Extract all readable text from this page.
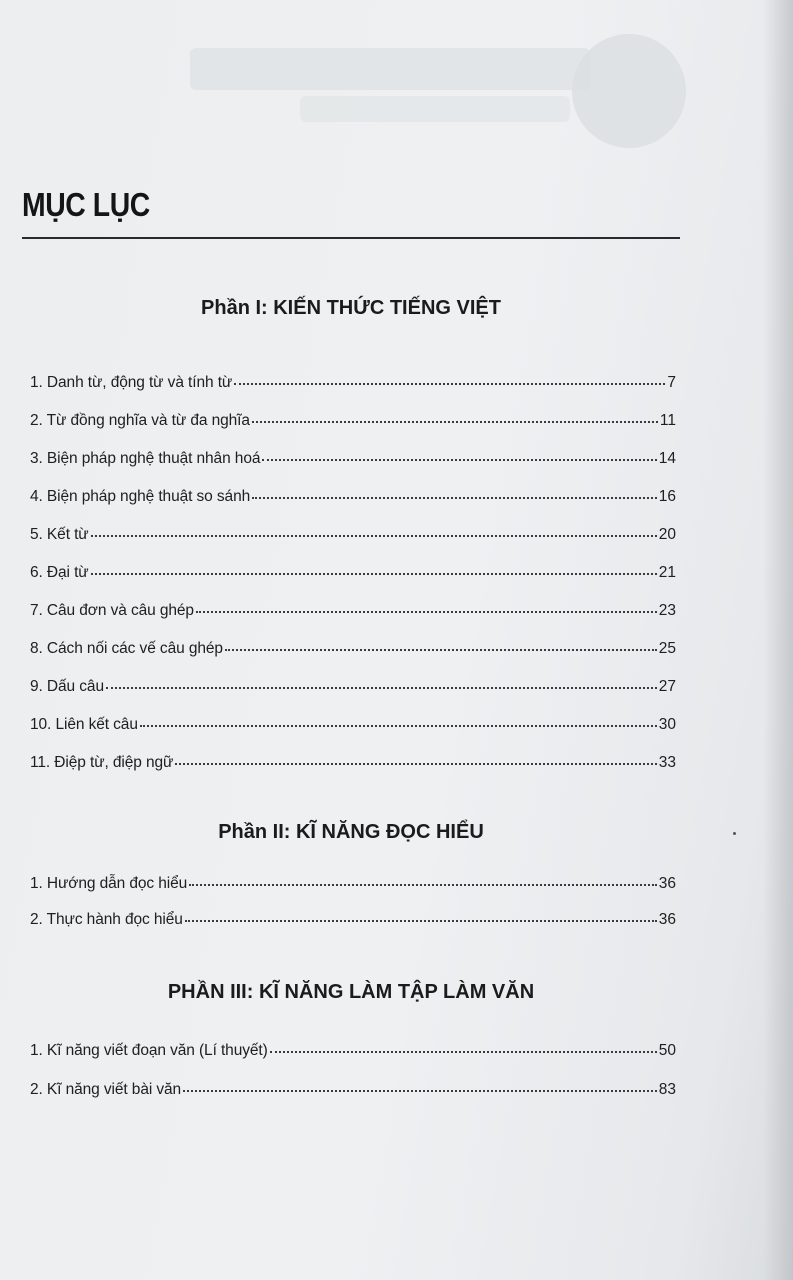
MỤC LỤC
Phần I: KIẾN THỨC TIẾNG VIỆT
1. Danh từ, động từ và tính từ	7
2. Từ đồng nghĩa và từ đa nghĩa	11
3. Biện pháp nghệ thuật nhân hoá	14
4. Biện pháp nghệ thuật so sánh	16
5. Kết từ	20
6. Đại từ	21
7. Câu đơn và câu ghép	23
8. Cách nối các vế câu ghép	25
9. Dấu câu	27
10. Liên kết câu	30
11. Điệp từ, điệp ngữ	33
Phần II: KĨ NĂNG ĐỌC HIỂU
1. Hướng dẫn đọc hiểu	36
2. Thực hành đọc hiểu	36
PHẦN III: KĨ NĂNG LÀM TẬP LÀM VĂN
1. Kĩ năng viết đoạn văn (Lí thuyết)	50
2. Kĩ năng viết bài văn	83
